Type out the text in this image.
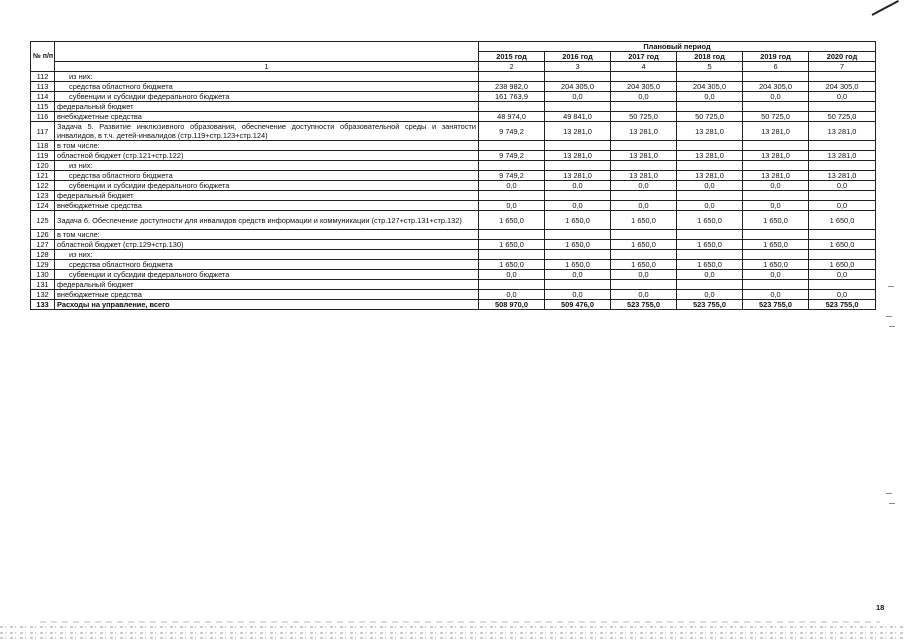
№ п/п		Плановый период					
		2015 год	2016 год	2017 год	2018 год	2019 год	2020 год
	1	2	3	4	5	6	7
112	из них:						
113	средства областного бюджета	238 982,0	204 305,0	204 305,0	204 305,0	204 305,0	204 305,0
114	субвенции и субсидии федерального бюджета	161 763,9	0,0	0,0	0,0	0,0	0,0
115	федеральный бюджет						
116	внебюджетные средства	48 974,0	49 841,0	50 725,0	50 725,0	50 725,0	50 725,0
117	Задача 5. Развитие инклюзивного образования, обеспечение доступности образовательной среды и занятости инвалидов, в т.ч. детей-инвалидов (стр.119+стр.123+стр.124)	9 749,2	13 281,0	13 281,0	13 281,0	13 281,0	13 281,0
118	в том числе:						
119	областной бюджет (стр.121+стр.122)	9 749,2	13 281,0	13 281,0	13 281,0	13 281,0	13 281,0
120	из них:						
121	средства областного бюджета	9 749,2	13 281,0	13 281,0	13 281,0	13 281,0	13 281,0
122	субвенции и субсидии федерального бюджета	0,0	0,0	0,0	0,0	0,0	0,0
123	федеральный бюджет						
124	внебюджетные средства	0,0	0,0	0,0	0,0	0,0	0,0
125	Задача 6. Обеспечение доступности для инвалидов средств информации и коммуникации (стр.127+стр.131+стр.132)	1 650,0	1 650,0	1 650,0	1 650,0	1 650,0	1 650,0
126	в том числе:						
127	областной бюджет (стр.129+стр.130)	1 650,0	1 650,0	1 650,0	1 650,0	1 650,0	1 650,0
128	из них:						
129	средства областного бюджета	1 650,0	1 650,0	1 650,0	1 650,0	1 650,0	1 650,0
130	субвенции и субсидии федерального бюджета	0,0	0,0	0,0	0,0	0,0	0,0
131	федеральный бюджет						
132	внебюджетные средства	0,0	0,0	0,0	0,0	0,0	0,0
133	Расходы на управление, всего	508 970,0	509 476,0	523 755,0	523 755,0	523 755,0	523 755,0
18
